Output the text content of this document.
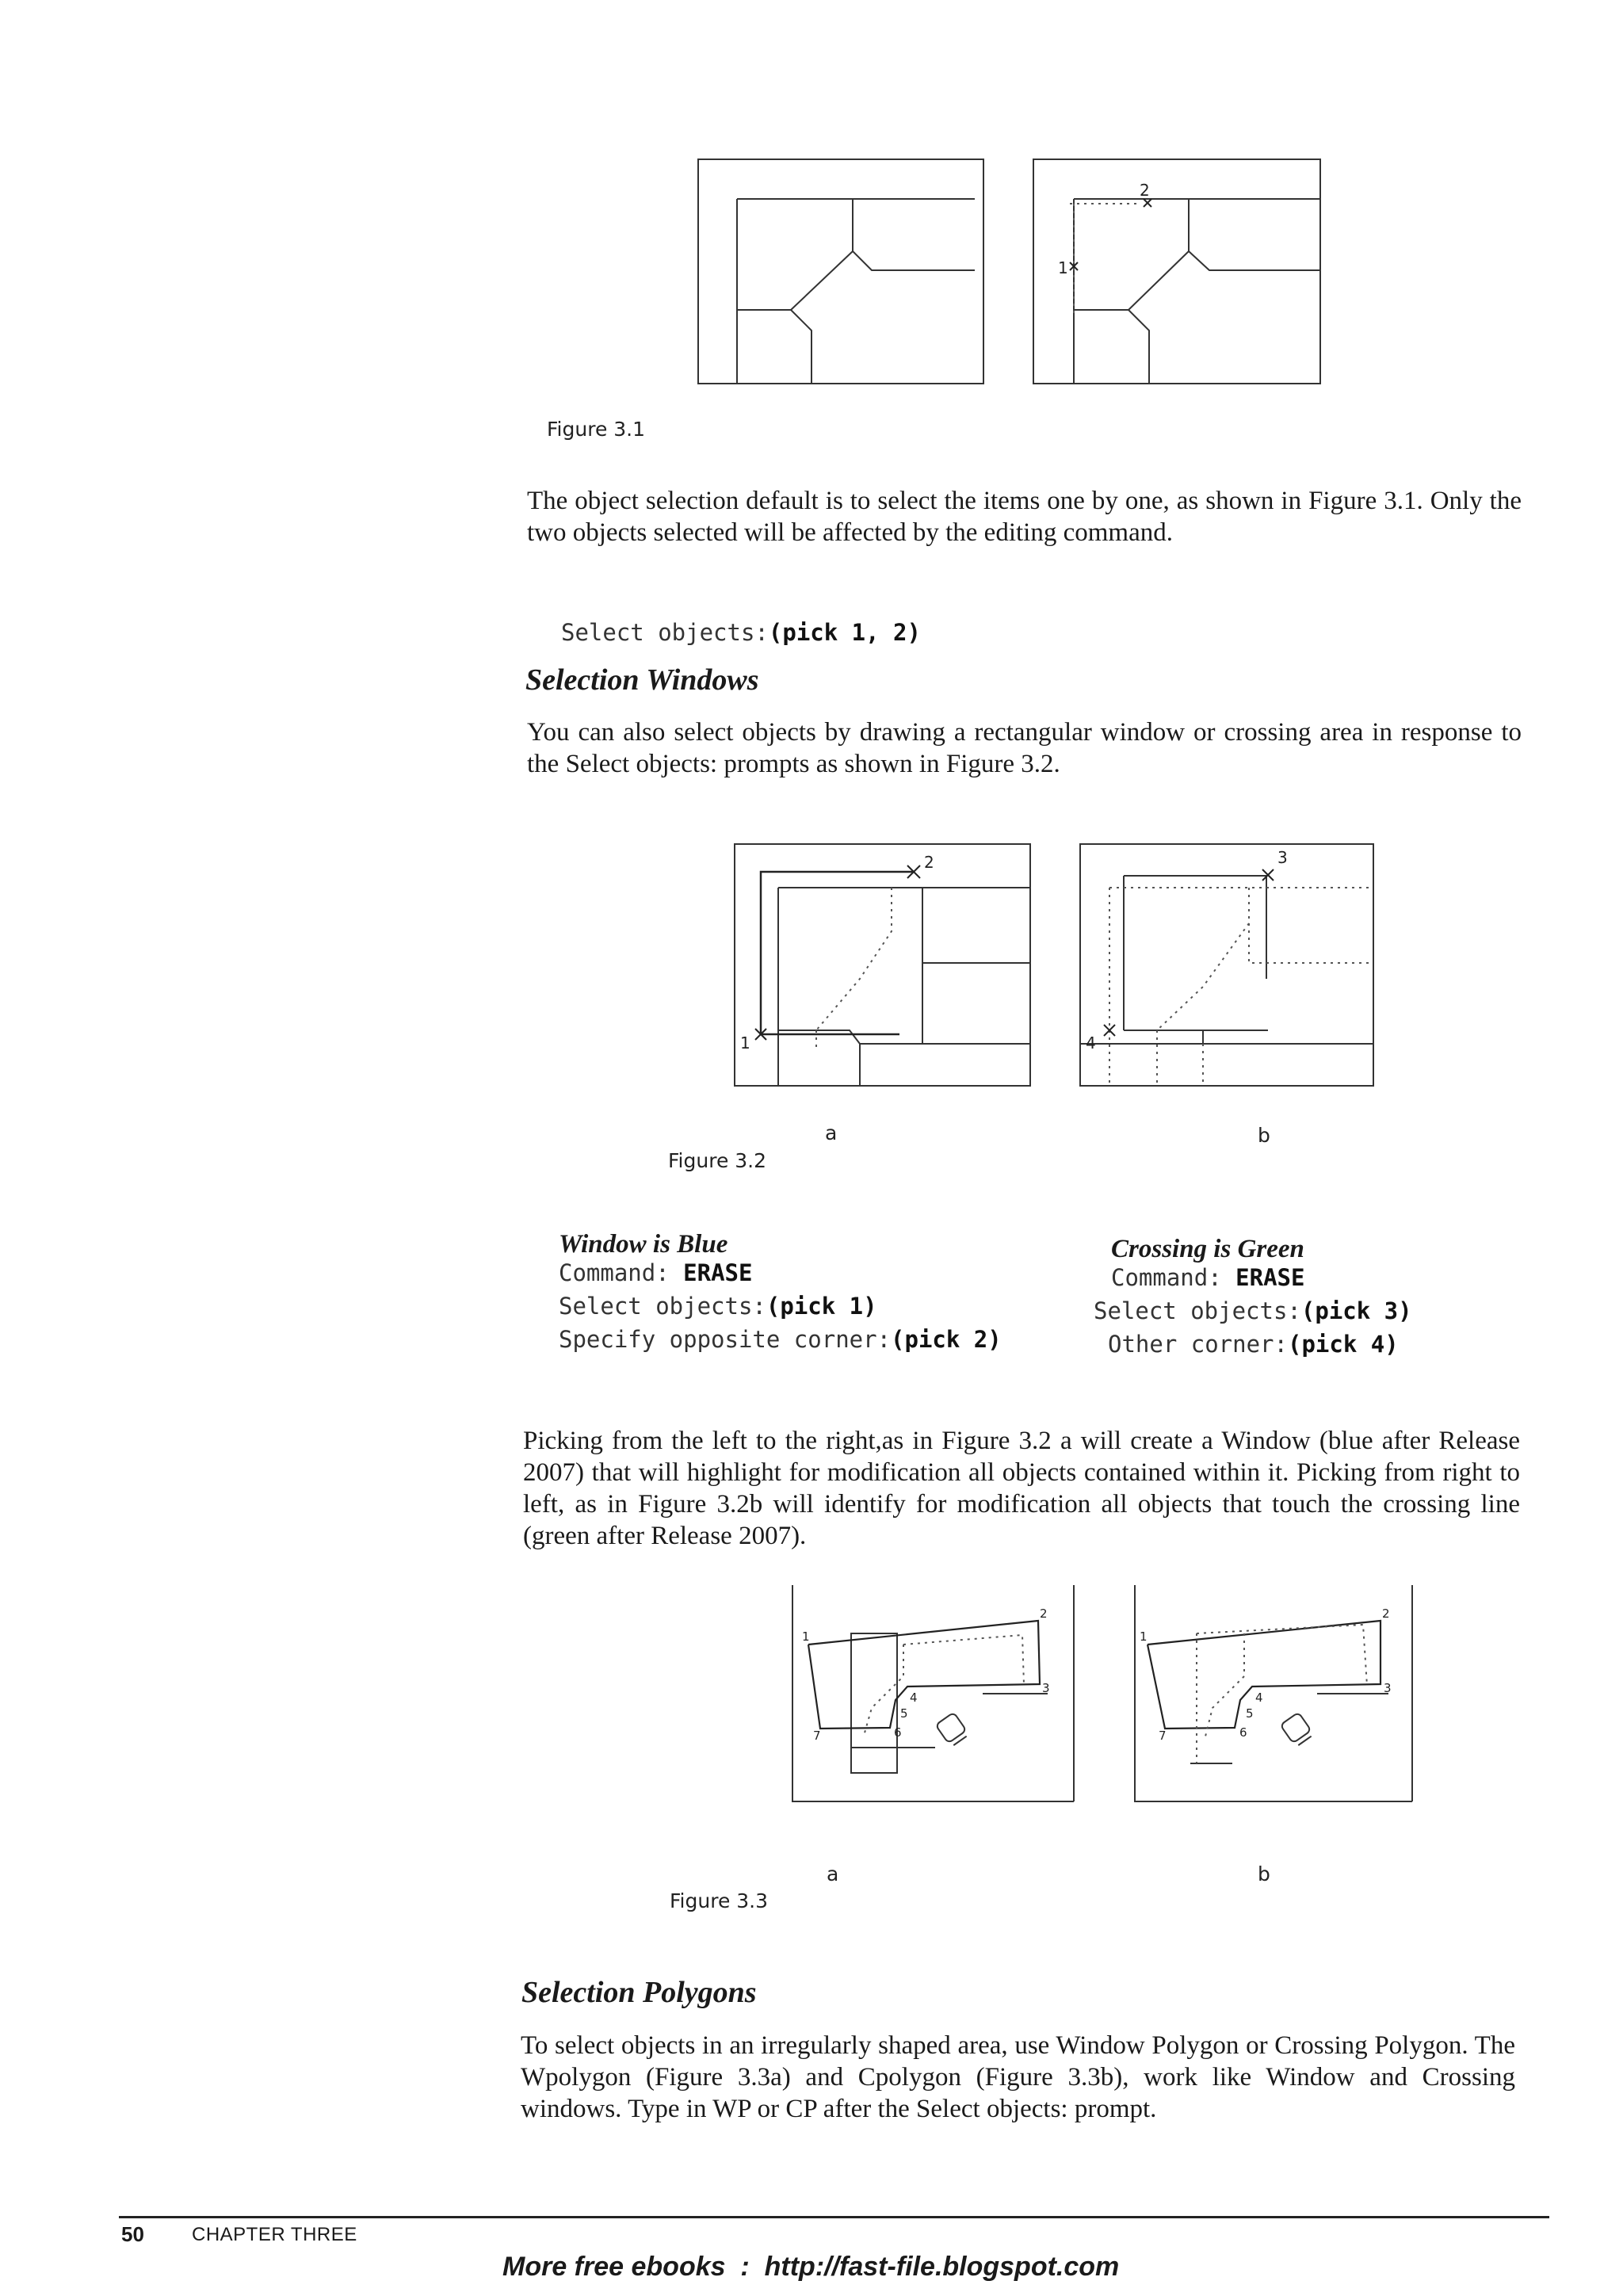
2
1
Figure 3.1
The object selection default is to select the items one by one, as shown in Figure 3.1. Only the two objects selected will be affected by the editing command.

Select objects:(pick 1, 2)

Selection Windows
You can also select objects by drawing a rectangular window or crossing area in response to the Select objects: prompts as shown in Figure 3.2.
2
1
3
4
a	b
Figure 3.2
Window is Blue
Command: ERASE
Select objects:(pick 1)
Specify opposite corner:(pick 2)
Crossing is Green
Command: ERASE
Select objects:(pick 3)
Other corner:(pick 4)
Picking from the left to the right,as in Figure 3.2 a will create a Window (blue after Release 2007) that will highlight for modification all objects contained within it. Picking from right to left, as in Figure 3.2b will identify for modification all objects that touch the crossing line (green after Release 2007).
1
2
3
4
5
6
7
1
2
3
4
5
6
7
a	b
Figure 3.3
Selection Polygons
To select objects in an irregularly shaped area, use Window Polygon or Crossing Polygon. The Wpolygon (Figure 3.3a) and Cpolygon (Figure 3.3b), work like Window and Crossing windows. Type in WP or CP after the Select objects: prompt.
50	CHAPTER THREE
More free ebooks  :  http://fast-file.blogspot.com
